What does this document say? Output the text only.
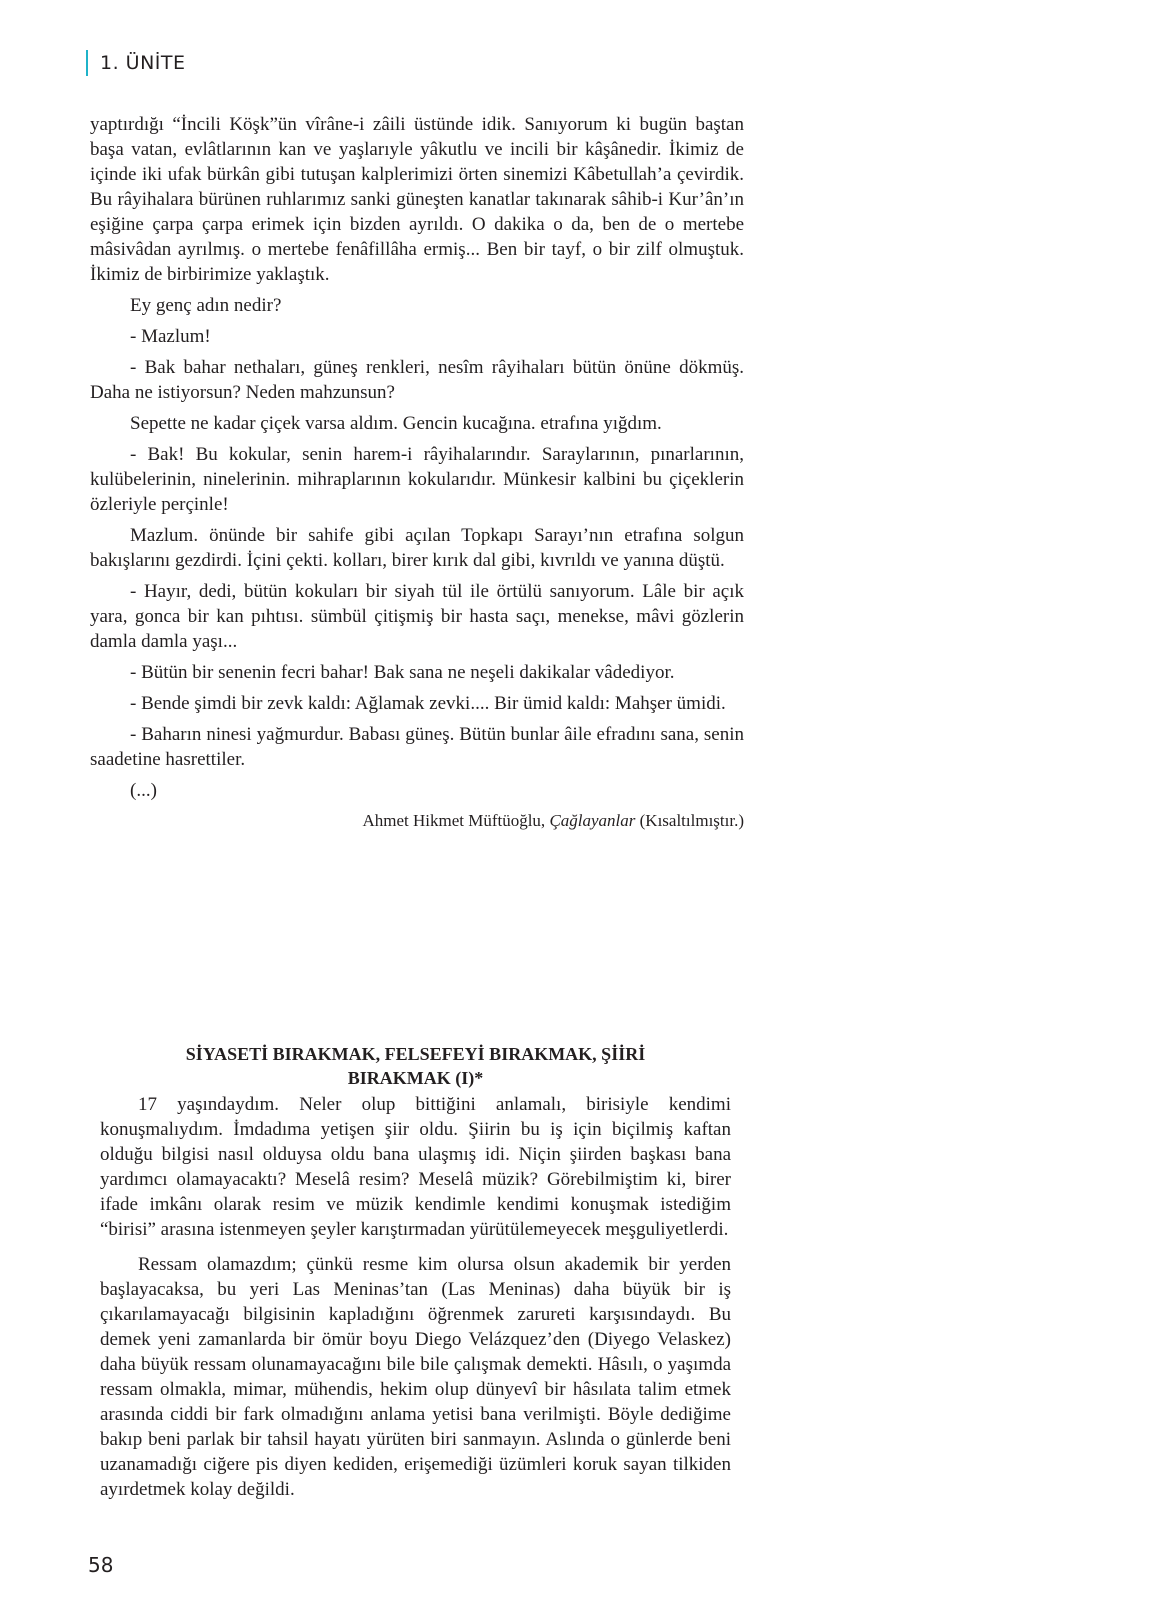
1. ÜNİTE

yaptırdığı “İncili Köşk”ün vîrâne-i zâili üstünde idik. Sanıyorum ki bugün baştan başa vatan, evlâtlarının kan ve yaşlarıyle yâkutlu ve incili bir kâşânedir. İkimiz de içinde iki ufak bürkân gibi tutuşan kalplerimizi örten sinemizi Kâbetullah’a çevirdik. Bu râyihalara bürünen ruhlarımız sanki güneşten kanatlar takınarak sâhib-i Kur’ân’ın eşiğine çarpa çarpa erimek için bizden ayrıldı. O dakika o da, ben de o mertebe mâsivâdan ayrılmış. o mertebe fenâfillâha ermiş... Ben bir tayf, o bir zilf olmuştuk. İkimiz de birbirimize yaklaştık.

Ey genç adın nedir?

- Mazlum!

- Bak bahar nethaları, güneş renkleri, nesîm râyihaları bütün önüne dökmüş. Daha ne istiyorsun? Neden mahzunsun?

Sepette ne kadar çiçek varsa aldım. Gencin kucağına. etrafına yığdım.

- Bak! Bu kokular, senin harem-i râyihalarındır. Saraylarının, pınarlarının, kulübelerinin, ninelerinin. mihraplarının kokularıdır. Münkesir kalbini bu çiçeklerin özleriyle perçinle!

Mazlum. önünde bir sahife gibi açılan Topkapı Sarayı’nın etrafına solgun bakışlarını gezdirdi. İçini çekti. kolları, birer kırık dal gibi, kıvrıldı ve yanına düştü.

- Hayır, dedi, bütün kokuları bir siyah tül ile örtülü sanıyorum. Lâle bir açık yara, gonca bir kan pıhtısı. sümbül çitişmiş bir hasta saçı, menekse, mâvi gözlerin damla damla yaşı...

- Bütün bir senenin fecri bahar! Bak sana ne neşeli dakikalar vâdediyor.

- Bende şimdi bir zevk kaldı: Ağlamak zevki.... Bir ümid kaldı: Mahşer ümidi.

- Baharın ninesi yağmurdur. Babası güneş. Bütün bunlar âile efradını sana, senin saadetine hasrettiler.

(...)

Ahmet Hikmet Müftüoğlu, Çağlayanlar (Kısaltılmıştır.)
SİYASETİ BIRAKMAK, FELSEFEYİ BIRAKMAK, ŞİİRİ
BIRAKMAK (I)*

17 yaşındaydım. Neler olup bittiğini anlamalı, birisiyle kendimi konuşmalıydım. İmdadıma yetişen şiir oldu. Şiirin bu iş için biçilmiş kaftan olduğu bilgisi nasıl olduysa oldu bana ulaşmış idi. Niçin şiirden başkası bana yardımcı olamayacaktı? Meselâ resim? Meselâ müzik? Görebilmiştim ki, birer ifade imkânı olarak resim ve müzik kendimle kendimi konuşmak istediğim “birisi” arasına istenmeyen şeyler karıştırmadan yürütülemeyecek meşguliyetlerdi.

Ressam olamazdım; çünkü resme kim olursa olsun akademik bir yerden başlayacaksa, bu yeri Las Meninas’tan (Las Meninas) daha büyük bir iş çıkarılamayacağı bilgisinin kapladığını öğrenmek zarureti karşısındaydı. Bu demek yeni zamanlarda bir ömür boyu Diego Velázquez’den (Diyego Velaskez) daha büyük ressam olunamayacağını bile bile çalışmak demekti. Hâsılı, o yaşımda ressam olmakla, mimar, mühendis, hekim olup dünyevî bir hâsılata talim etmek arasında ciddi bir fark olmadığını anlama yetisi bana verilmişti. Böyle dediğime bakıp beni parlak bir tahsil hayatı yürüten biri sanmayın. Aslında o günlerde beni uzanamadığı ciğere pis diyen kediden, erişemediği üzümleri koruk sayan tilkiden ayırdetmek kolay değildi.

58
